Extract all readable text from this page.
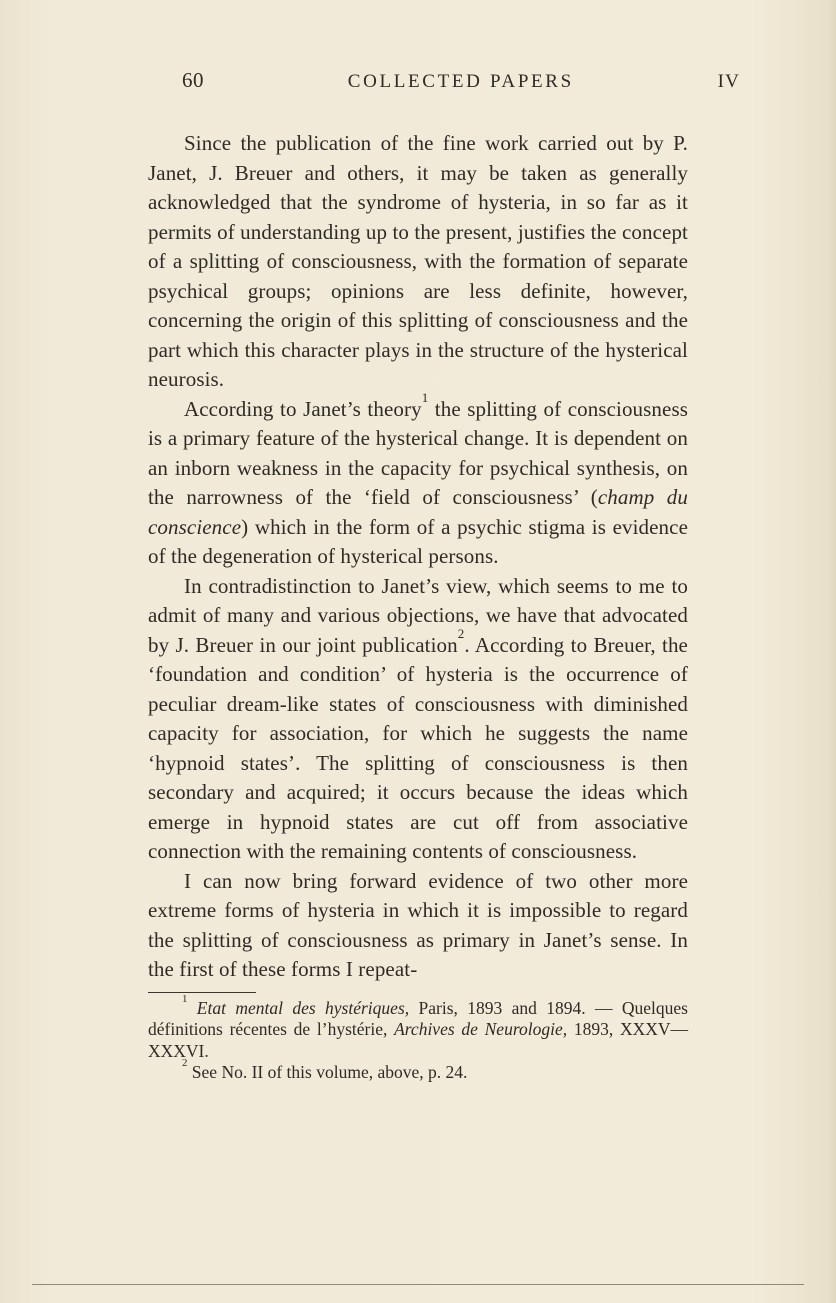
60	COLLECTED PAPERS	IV

Since the publication of the fine work carried out by P. Janet, J. Breuer and others, it may be taken as generally acknowledged that the syndrome of hysteria, in so far as it permits of understanding up to the present, justifies the concept of a splitting of consciousness, with the formation of separate psychical groups; opinions are less definite, however, concerning the origin of this splitting of consciousness and the part which this character plays in the structure of the hysterical neurosis.

According to Janet’s theory$^1$ the splitting of consciousness is a primary feature of the hysterical change. It is dependent on an inborn weakness in the capacity for psychical synthesis, on the narrowness of the ‘field of consciousness’ (champ du conscience) which in the form of a psychic stigma is evidence of the degeneration of hysterical persons.

In contradistinction to Janet’s view, which seems to me to admit of many and various objections, we have that advocated by J. Breuer in our joint publication$^2$. According to Breuer, the ‘foundation and condition’ of hysteria is the occurrence of peculiar dream-like states of consciousness with diminished capacity for association, for which he suggests the name ‘hypnoid states’. The splitting of consciousness is then secondary and acquired; it occurs because the ideas which emerge in hypnoid states are cut off from associative connection with the remaining contents of consciousness.

I can now bring forward evidence of two other more extreme forms of hysteria in which it is impossible to regard the splitting of consciousness as primary in Janet’s sense. In the first of these forms I repeat-

$^1$ Etat mental des hystériques, Paris, 1893 and 1894. — Quelques définitions récentes de l’hystérie, Archives de Neurologie, 1893, XXXV—XXXVI.

$^2$ See No. II of this volume, above, p. 24.
